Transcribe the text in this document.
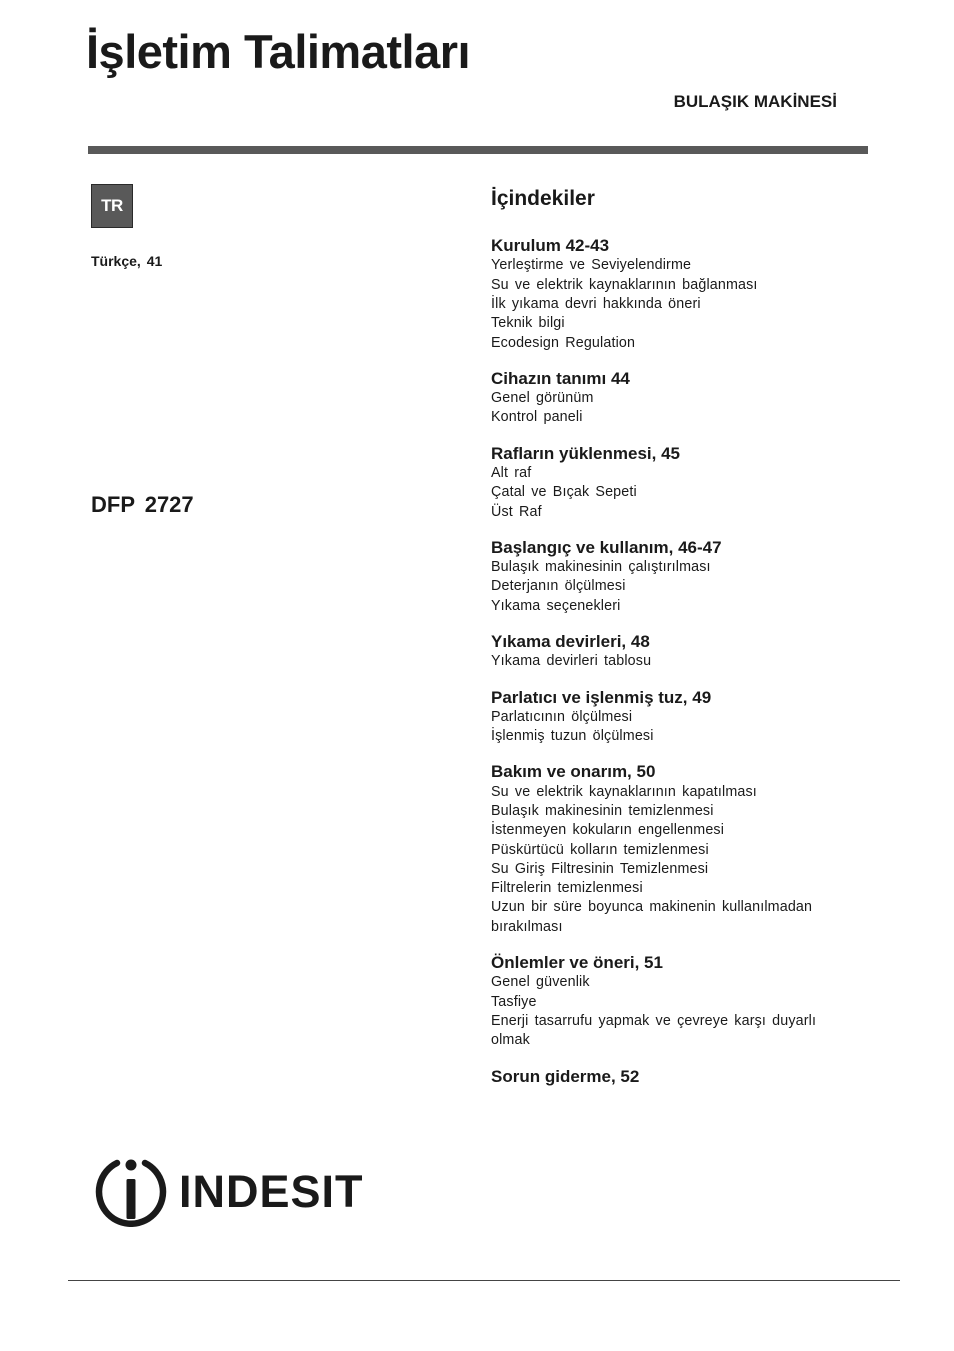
İşletim Talimatları
BULAŞIK MAKİNESİ
TR
Türkçe, 41
DFP 2727
İçindekiler
Kurulum 42-43
Yerleştirme ve Seviyelendirme
Su ve elektrik kaynaklarının bağlanması
İlk yıkama devri hakkında öneri
Teknik bilgi
Ecodesign Regulation
Cihazın tanımı 44
Genel görünüm
Kontrol paneli
Rafların yüklenmesi, 45
Alt raf
Çatal ve Bıçak Sepeti
Üst Raf
Başlangıç ve kullanım, 46-47
Bulaşık makinesinin çalıştırılması
Deterjanın ölçülmesi
Yıkama seçenekleri
Yıkama devirleri, 48
Yıkama devirleri tablosu
Parlatıcı ve işlenmiş tuz, 49
Parlatıcının ölçülmesi
İşlenmiş tuzun ölçülmesi
Bakım ve onarım, 50
Su ve elektrik kaynaklarının kapatılması
Bulaşık makinesinin temizlenmesi
İstenmeyen kokuların engellenmesi
Püskürtücü kolların temizlenmesi
Su Giriş Filtresinin Temizlenmesi
Filtrelerin temizlenmesi
Uzun bir süre boyunca makinenin kullanılmadan bırakılması
Önlemler ve öneri, 51
Genel güvenlik
Tasfiye
Enerji tasarrufu yapmak ve çevreye karşı duyarlı olmak
Sorun giderme, 52
INDESIT
